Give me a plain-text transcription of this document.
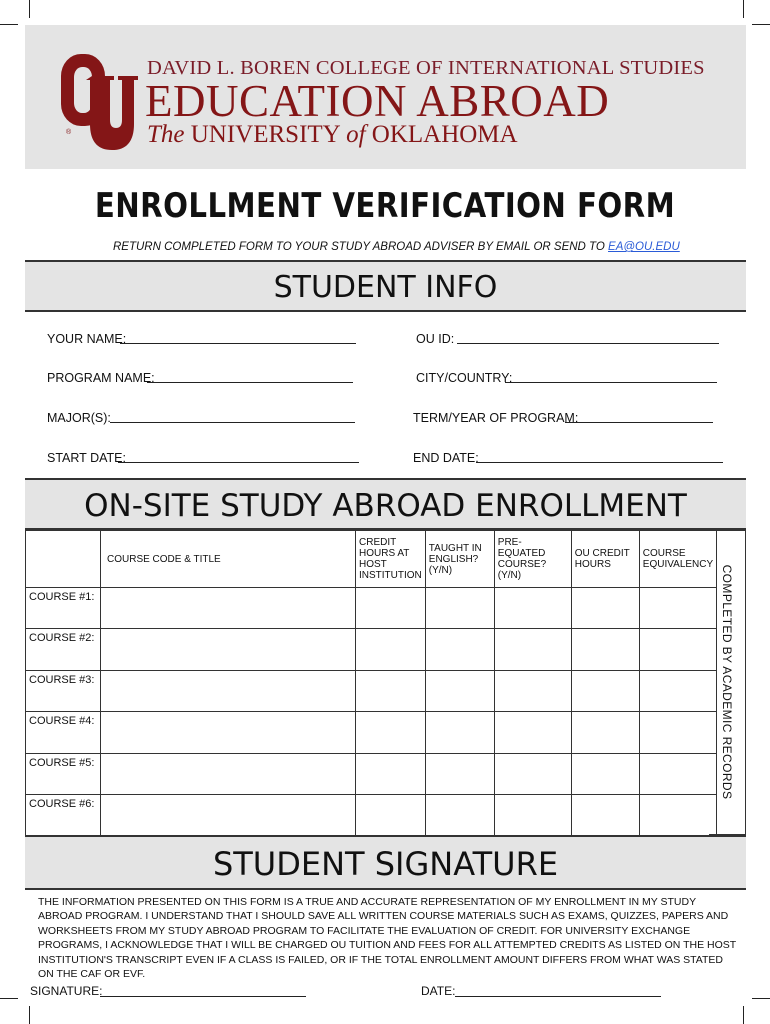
®
DAVID L. BOREN COLLEGE OF INTERNATIONAL STUDIES
EDUCATION ABROAD
The UNIVERSITY of OKLAHOMA
ENROLLMENT VERIFICATION FORM
RETURN COMPLETED FORM TO YOUR STUDY ABROAD ADVISER BY EMAIL OR SEND TO EA@OU.EDU
STUDENT INFO
YOUR NAME:	OU ID:
PROGRAM NAME:	CITY/COUNTRY:
MAJOR(S):	TERM/YEAR OF PROGRAM:
START DATE:	END DATE:
ON-SITE STUDY ABROAD ENROLLMENT
	COURSE CODE & TITLE	CREDIT HOURS AT HOST INSTITUTION	TAUGHT IN ENGLISH? (Y/N)	PRE-EQUATED COURSE? (Y/N)	OU CREDIT HOURS	COURSE EQUIVALENCY
COURSE #1:						
COURSE #2:						
COURSE #3:						
COURSE #4:						
COURSE #5:						
COURSE #6:						
COMPLETED BY ACADEMIC RECORDS
STUDENT SIGNATURE
THE INFORMATION PRESENTED ON THIS FORM IS A TRUE AND ACCURATE REPRESENTATION OF MY ENROLLMENT IN MY STUDY ABROAD PROGRAM. I UNDERSTAND THAT I SHOULD SAVE ALL WRITTEN COURSE MATERIALS SUCH AS EXAMS, QUIZZES, PAPERS AND WORKSHEETS FROM MY STUDY ABROAD PROGRAM TO FACILITATE THE EVALUATION OF CREDIT. FOR UNIVERSITY EXCHANGE PROGRAMS, I ACKNOWLEDGE THAT I WILL BE CHARGED OU TUITION AND FEES FOR ALL ATTEMPTED CREDITS AS LISTED ON THE HOST INSTITUTION'S TRANSCRIPT EVEN IF A CLASS IS FAILED, OR IF THE TOTAL ENROLLMENT AMOUNT DIFFERS FROM WHAT WAS STATED ON THE CAF OR EVF.
SIGNATURE:	DATE:
